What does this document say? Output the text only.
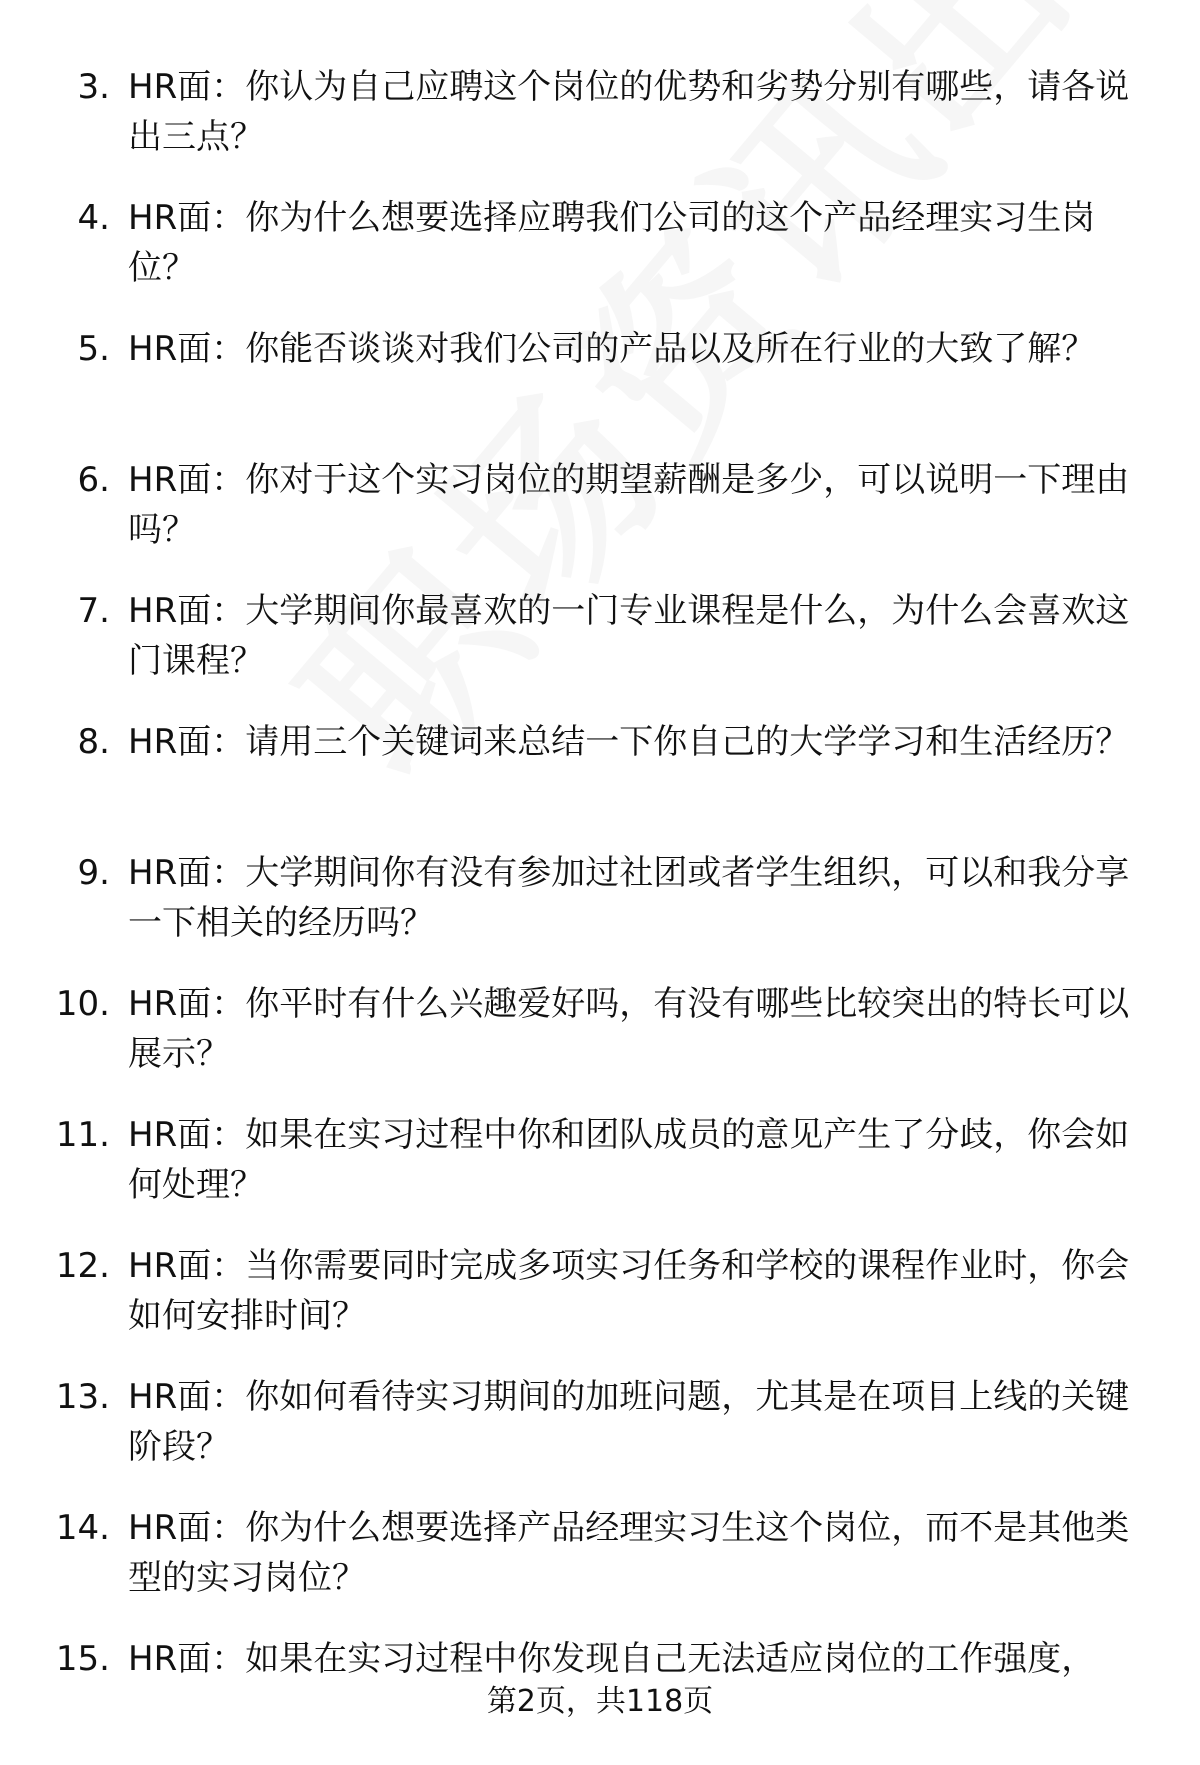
3. HR面：你认为自己应聘这个岗位的优势和劣势分别有哪些，请各说出三点？
4. HR面：你为什么想要选择应聘我们公司的这个产品经理实习生岗位？
5. HR面：你能否谈谈对我们公司的产品以及所在行业的大致了解？
6. HR面：你对于这个实习岗位的期望薪酬是多少，可以说明一下理由吗？
7. HR面：大学期间你最喜欢的一门专业课程是什么，为什么会喜欢这门课程？
8. HR面：请用三个关键词来总结一下你自己的大学学习和生活经历？
9. HR面：大学期间你有没有参加过社团或者学生组织，可以和我分享一下相关的经历吗？
10. HR面：你平时有什么兴趣爱好吗，有没有哪些比较突出的特长可以展示？
11. HR面：如果在实习过程中你和团队成员的意见产生了分歧，你会如何处理？
12. HR面：当你需要同时完成多项实习任务和学校的课程作业时，你会如何安排时间？
13. HR面：你如何看待实习期间的加班问题，尤其是在项目上线的关键阶段？
14. HR面：你为什么想要选择产品经理实习生这个岗位，而不是其他类型的实习岗位？
15. HR面：如果在实习过程中你发现自己无法适应岗位的工作强度，
第2页，共118页
